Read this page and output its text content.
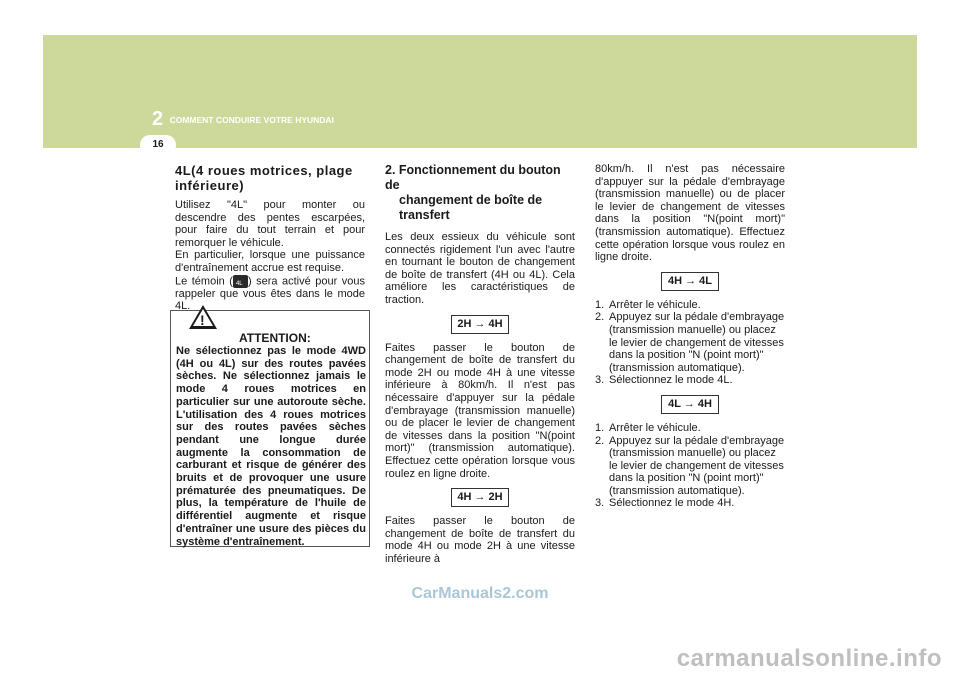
2 COMMENT CONDUIRE VOTRE HYUNDAI
16
4L(4 roues motrices, plage inférieure)

Utilisez "4L" pour monter ou descendre des pentes escarpées, pour faire du tout terrain et pour remorquer le véhicule.

En particulier, lorsque une puissance d'entraînement accrue est requise.

Le témoin (4L ) sera activé pour vous rappeler que vous êtes dans le mode 4L.

!
ATTENTION:
Ne sélectionnez pas le mode 4WD (4H ou 4L) sur des routes pavées sèches. Ne sélectionnez jamais le mode 4 roues motrices en particulier sur une autoroute sèche. L'utilisation des 4 roues motrices sur des routes pavées sèches pendant une longue durée augmente la consommation de carburant et risque de générer des bruits et de provoquer une usure prématurée des pneumatiques. De plus, la température de l'huile de différentiel augmente et risque d'entraîner une usure des pièces du système d'entraînement.
2. Fonctionnement du bouton de
changement de boîte de transfert

Les deux essieux du véhicule sont connectés rigidement l'un avec l'autre en tournant le bouton de changement de boîte de transfert (4H ou 4L). Cela améliore les caractéristiques de traction.

2H → 4H

Faites passer le bouton de changement de boîte de transfert du mode 2H ou mode 4H à une vitesse inférieure à 80km/h. Il n'est pas nécessaire d'appuyer sur la pédale d'embrayage (transmission manuelle) ou de placer le levier de changement de vitesses dans la position "N(point mort)" (transmission automatique). Effectuez cette opération lorsque vous roulez en ligne droite.

4H → 2H

Faites passer le bouton de changement de boîte de transfert du mode 4H ou mode 2H à une vitesse inférieure à

80km/h. Il n'est pas nécessaire d'appuyer sur la pédale d'embrayage (transmission manuelle) ou de placer le levier de changement de vitesses dans la position "N(point mort)" (transmission automatique). Effectuez cette opération lorsque vous roulez en ligne droite.

4H → 4L
1. Arrêter le véhicule.
2. Appuyez sur la pédale d'embrayage (transmission manuelle) ou placez le levier de changement de vitesses dans la position "N (point mort)" (transmission automatique).
3. Sélectionnez le mode 4L.
4L → 4H
1. Arrêter le véhicule.
2. Appuyez sur la pédale d'embrayage (transmission manuelle) ou placez le levier de changement de vitesses dans la position "N (point mort)" (transmission automatique).
3. Sélectionnez le mode 4H.
CarManuals2.com
carmanualsonline.info
